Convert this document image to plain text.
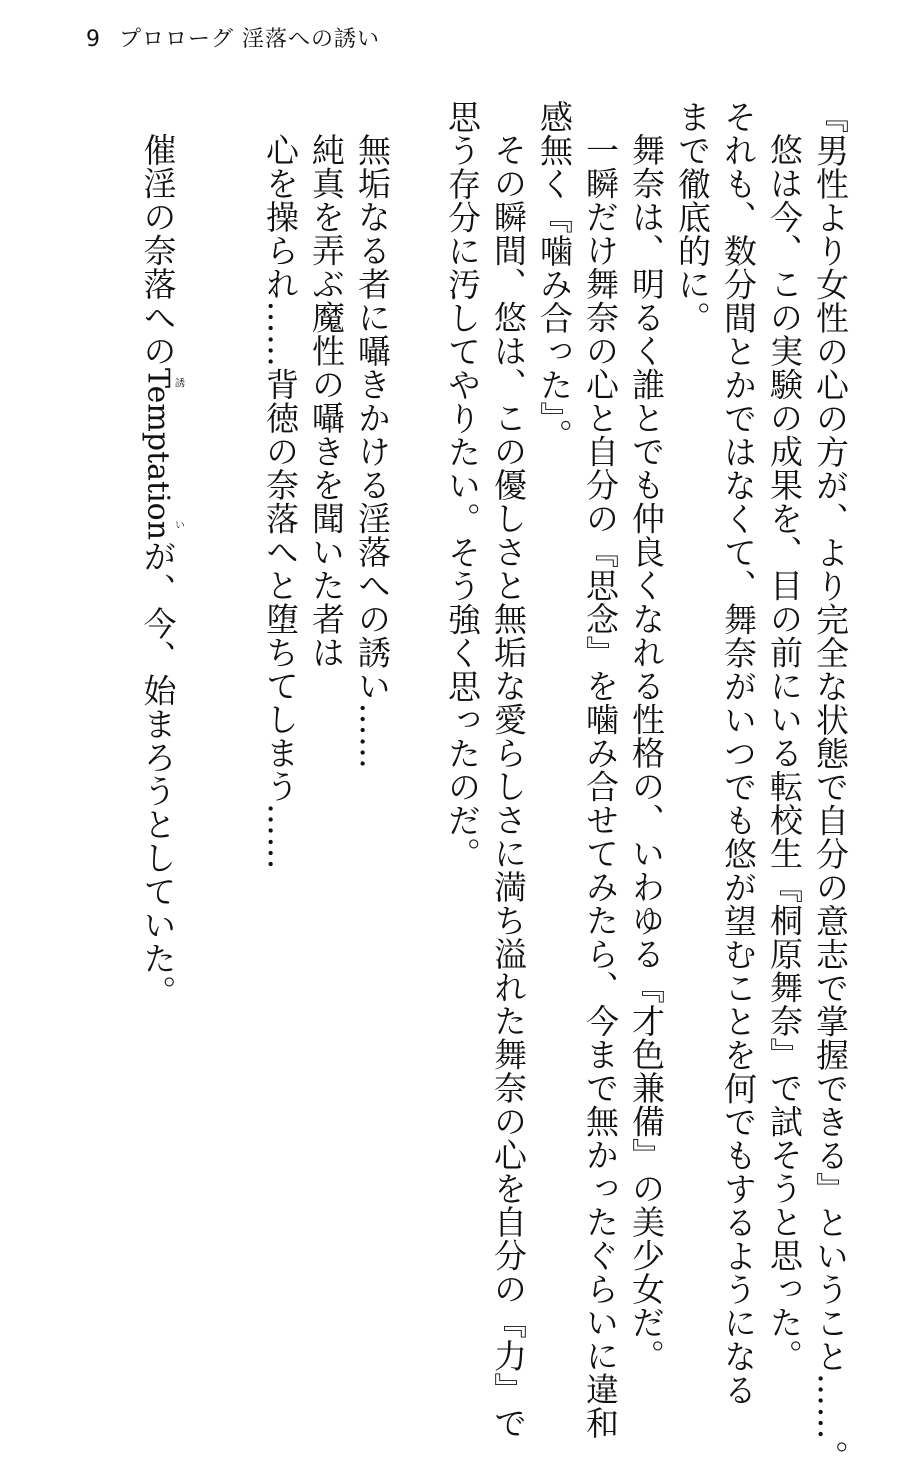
9 プロローグ 淫落への誘い
『男性より女性の心の方が、より完全な状態で自分の意志で掌握できる』ということ……。
悠は今、この実験の成果を、目の前にいる転校生『桐原舞奈』で試そうと思った。
それも、数分間とかではなくて、舞奈がいつでも悠が望むことを何でもするようになる
まで徹底的に。
舞奈は、明るく誰とでも仲良くなれる性格の、いわゆる『才色兼備』の美少女だ。
一瞬だけ舞奈の心と自分の『思念』を噛み合せてみたら、今まで無かったぐらいに違和
感無く『噛み合った』。
その瞬間、悠は、この優しさと無垢な愛らしさに満ち溢れた舞奈の心を自分の『力』で
思う存分に汚してやりたい。そう強く思ったのだ。
無垢なる者に囁きかける淫落への誘い……
純真を弄ぶ魔性の囁きを聞いた者は
心を操られ……背徳の奈落へと堕ちてしまう……
催淫の奈落へのTemptation誘いが、今、始まろうとしていた。
